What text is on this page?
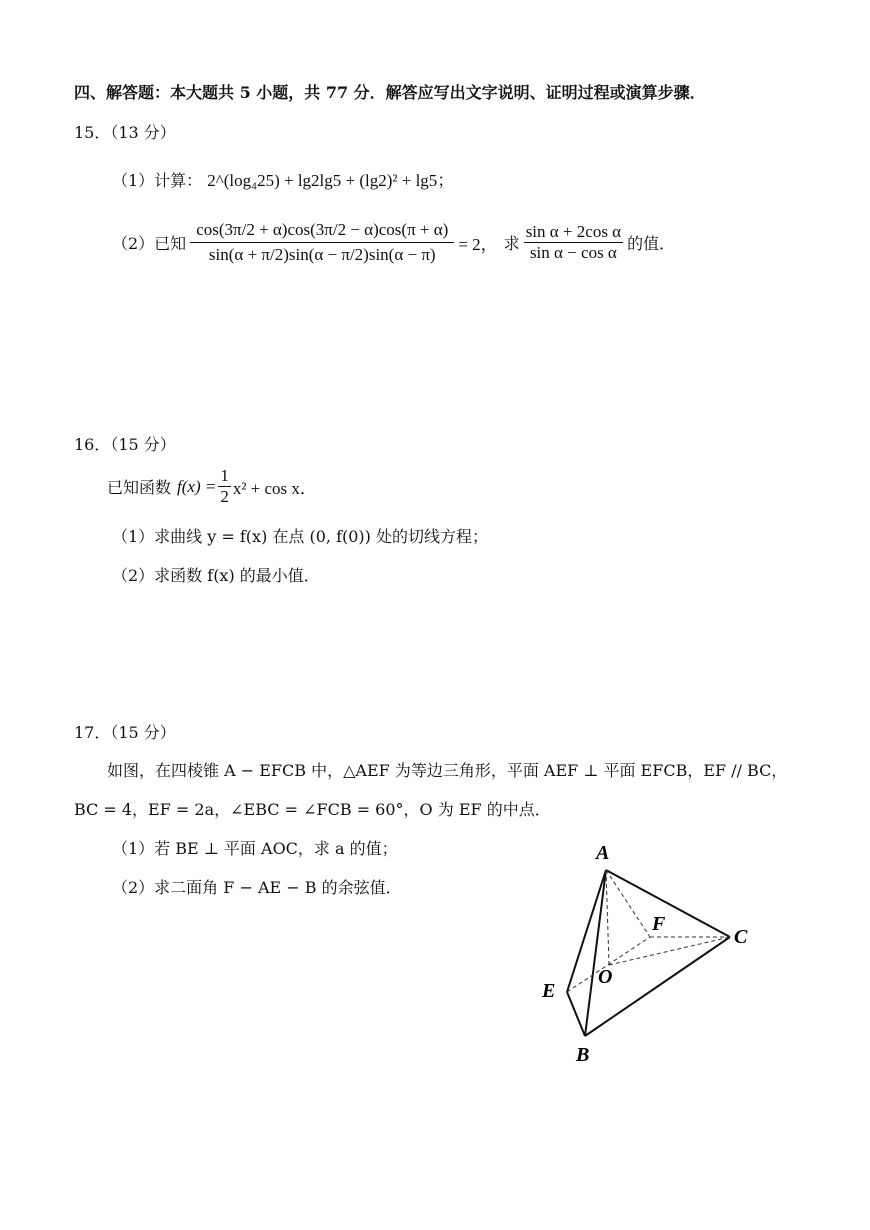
四、解答题：本大题共 5 小题，共 77 分．解答应写出文字说明、证明过程或演算步骤．
15．（13 分）
（1）计算： 2^(log₄25) + lg2lg5 + (lg2)² + lg5；
（2）已知 $\frac{\cos(3\pi/2 + \alpha)\cos(3\pi/2 - \alpha)\cos(\pi + \alpha)}{\sin(\alpha + \pi/2)\sin(\alpha - \pi/2)\sin(\alpha - \pi)} = 2$， 求 $\frac{\text{sin α + 2cos α}}{\text{sin α − cos α}}$ 的值．
16．（15 分）
已知函数 $f(x) = \frac{1}{2} x^2 + \cos x$．
（1）求曲线 y = f(x) 在点 (0, f(0)) 处的切线方程；
（2）求函数 f(x) 的最小值．
17．（15 分）
如图，在四棱锥 A − EFCB 中，△AEF 为等边三角形，平面 AEF ⊥ 平面 EFCB，EF // BC，
BC = 4，EF = 2a，∠EBC = ∠FCB = 60°，O 为 EF 的中点．
（1）若 BE ⊥ 平面 AOC，求 a 的值；
（2）求二面角 F − AE − B 的余弦值．
A
F
C
O
E
B
